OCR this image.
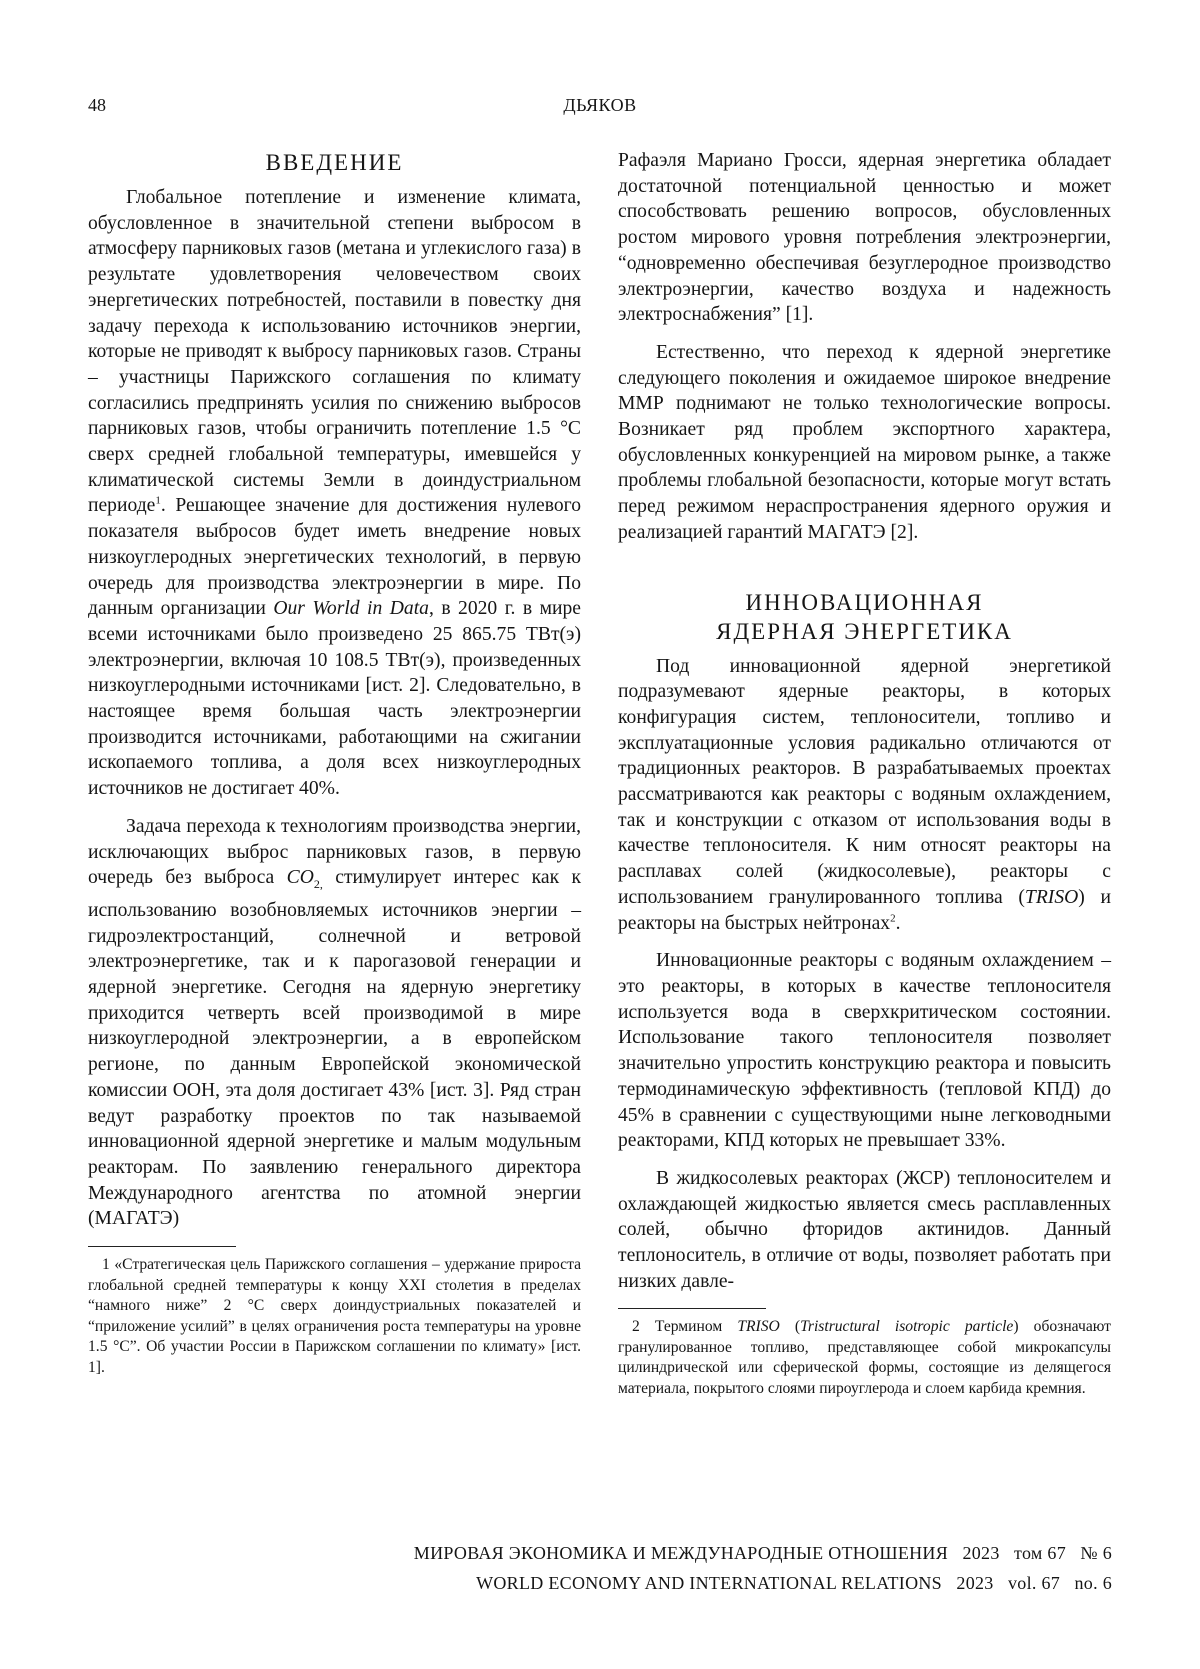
48	ДЬЯКОВ
ВВЕДЕНИЕ

Глобальное потепление и изменение климата, обусловленное в значительной степени выбросом в атмосферу парниковых газов (метана и углекислого газа) в результате удовлетворения человечеством своих энергетических потребностей, поставили в повестку дня задачу перехода к использованию источников энергии, которые не приводят к выбросу парниковых газов. Страны – участницы Парижского соглашения по климату согласились предпринять усилия по снижению выбросов парниковых газов, чтобы ограничить потепление 1.5 °С сверх средней глобальной температуры, имевшейся у климатической системы Земли в доиндустриальном периоде$^1$. Решающее значение для достижения нулевого показателя выбросов будет иметь внедрение новых низкоуглеродных энергетических технологий, в первую очередь для производства электроэнергии в мире. По данным организации Our World in Data, в 2020 г. в мире всеми источниками было произведено 25 865.75 ТВт(э) электроэнергии, включая 10 108.5 ТВт(э), произведенных низкоуглеродными источниками [ист. 2]. Следовательно, в настоящее время большая часть электроэнергии производится источниками, работающими на сжигании ископаемого топлива, а доля всех низкоуглеродных источников не достигает 40%.

Задача перехода к технологиям производства энергии, исключающих выброс парниковых газов, в первую очередь без выброса $CO_{2,}$ стимулирует интерес как к использованию возобновляемых источников энергии – гидроэлектростанций, солнечной и ветровой электроэнергетике, так и к парогазовой генерации и ядерной энергетике. Сегодня на ядерную энергетику приходится четверть всей производимой в мире низкоуглеродной электроэнергии, а в европейском регионе, по данным Европейской экономической комиссии ООН, эта доля достигает 43% [ист. 3]. Ряд стран ведут разработку проектов по так называемой инновационной ядерной энергетике и малым модульным реакторам. По заявлению генерального директора Международного агентства по атомной энергии (МАГАТЭ)

1 «Стратегическая цель Парижского соглашения – удержание прироста глобальной средней температуры к концу XXI столетия в пределах “намного ниже” 2 °С сверх доиндустриальных показателей и “приложение усилий” в целях ограничения роста температуры на уровне 1.5 °С”. Об участии России в Парижском соглашении по климату» [ист. 1].

Рафаэля Мариано Гросси, ядерная энергетика обладает достаточной потенциальной ценностью и может способствовать решению вопросов, обусловленных ростом мирового уровня потребления электроэнергии, “одновременно обеспечивая безуглеродное производство электроэнергии, качество воздуха и надежность электроснабжения” [1].

Естественно, что переход к ядерной энергетике следующего поколения и ожидаемое широкое внедрение ММР поднимают не только технологические вопросы. Возникает ряд проблем экспортного характера, обусловленных конкуренцией на мировом рынке, а также проблемы глобальной безопасности, которые могут встать перед режимом нераспространения ядерного оружия и реализацией гарантий МАГАТЭ [2].

ИННОВАЦИОННАЯ
ЯДЕРНАЯ ЭНЕРГЕТИКА

Под инновационной ядерной энергетикой подразумевают ядерные реакторы, в которых конфигурация систем, теплоносители, топливо и эксплуатационные условия радикально отличаются от традиционных реакторов. В разрабатываемых проектах рассматриваются как реакторы с водяным охлаждением, так и конструкции с отказом от использования воды в качестве теплоносителя. К ним относят реакторы на расплавах солей (жидкосолевые), реакторы с использованием гранулированного топлива (TRISO) и реакторы на быстрых нейтронах$^2$.

Инновационные реакторы с водяным охлаждением – это реакторы, в которых в качестве теплоносителя используется вода в сверхкритическом состоянии. Использование такого теплоносителя позволяет значительно упростить конструкцию реактора и повысить термодинамическую эффективность (тепловой КПД) до 45% в сравнении с существующими ныне легководными реакторами, КПД которых не превышает 33%.

В жидкосолевых реакторах (ЖСР) теплоносителем и охлаждающей жидкостью является смесь расплавленных солей, обычно фторидов актинидов. Данный теплоноситель, в отличие от воды, позволяет работать при низких давле-

2 Термином TRISO (Tristructural isotropic particle) обозначают гранулированное топливо, представляющее собой микрокапсулы цилиндрической или сферической формы, состоящие из делящегося материала, покрытого слоями пироуглерода и слоем карбида кремния.

МИРОВАЯ ЭКОНОМИКА И МЕЖДУНАРОДНЫЕ ОТНОШЕНИЯ   2023   том 67   № 6
WORLD ECONOMY AND INTERNATIONAL RELATIONS   2023   vol. 67   no. 6
